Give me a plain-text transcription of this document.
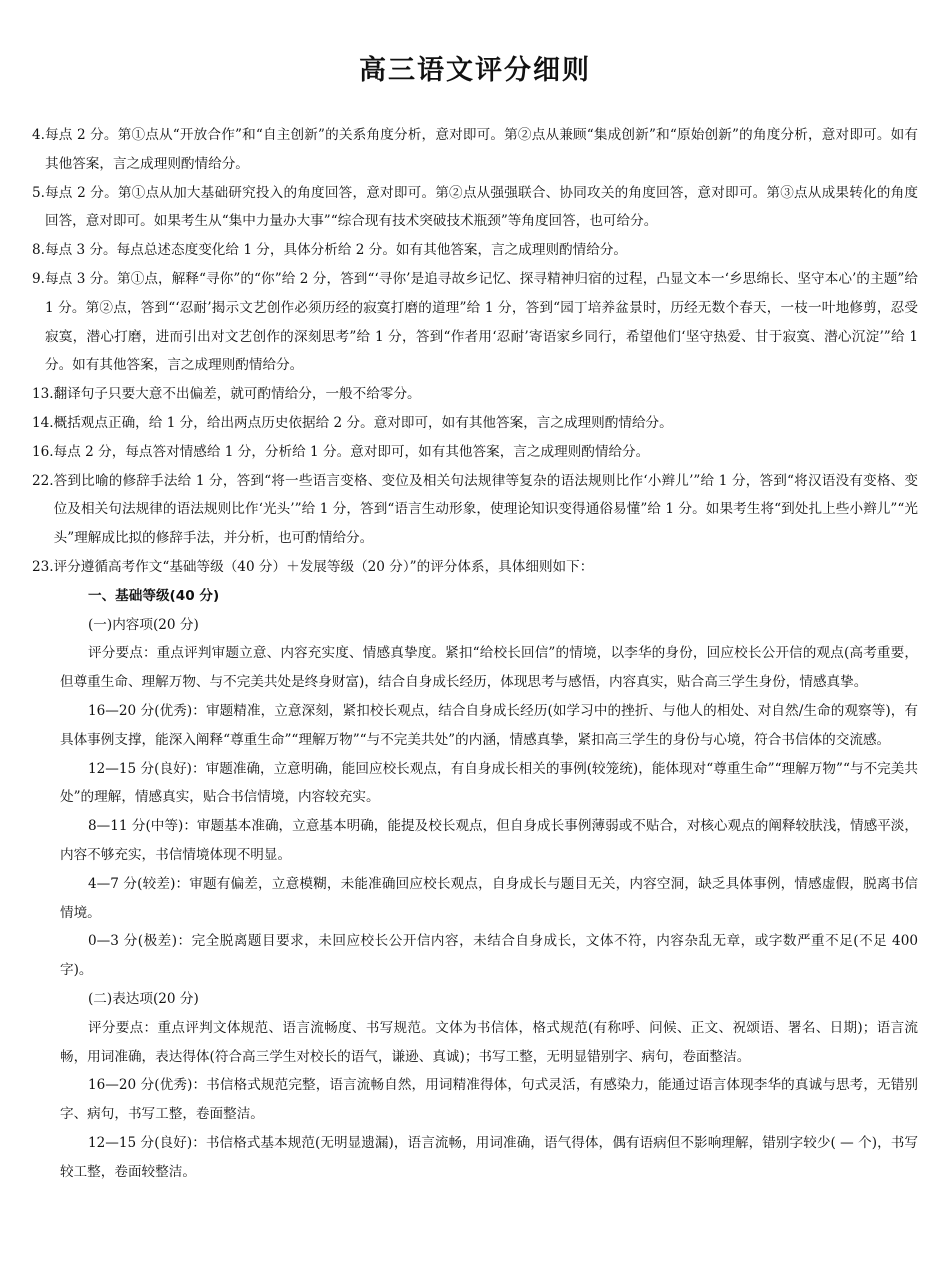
高三语文评分细则
4. 每点 2 分。第①点从“开放合作”和“自主创新”的关系角度分析，意对即可。第②点从兼顾“集成创新”和“原始创新”的角度分析，意对即可。如有其他答案，言之成理则酌情给分。
5. 每点 2 分。第①点从加大基础研究投入的角度回答，意对即可。第②点从强强联合、协同攻关的角度回答，意对即可。第③点从成果转化的角度回答，意对即可。如果考生从“集中力量办大事”“综合现有技术突破技术瓶颈”等角度回答，也可给分。
8. 每点 3 分。每点总述态度变化给 1 分，具体分析给 2 分。如有其他答案，言之成理则酌情给分。
9. 每点 3 分。第①点，解释“寻你”的“你”给 2 分，答到“‘寻你’是追寻故乡记忆、探寻精神归宿的过程，凸显文本一‘乡思绵长、坚守本心’的主题”给 1 分。第②点，答到“‘忍耐’揭示文艺创作必须历经的寂寞打磨的道理”给 1 分，答到“园丁培养盆景时，历经无数个春天，一枝一叶地修剪，忍受寂寞，潜心打磨，进而引出对文艺创作的深刻思考”给 1 分，答到“作者用‘忍耐’寄语家乡同行，希望他们‘坚守热爱、甘于寂寞、潜心沉淀’”给 1 分。如有其他答案，言之成理则酌情给分。
13. 翻译句子只要大意不出偏差，就可酌情给分，一般不给零分。
14. 概括观点正确，给 1 分，给出两点历史依据给 2 分。意对即可，如有其他答案，言之成理则酌情给分。
16. 每点 2 分，每点答对情感给 1 分，分析给 1 分。意对即可，如有其他答案，言之成理则酌情给分。
22. 答到比喻的修辞手法给 1 分，答到“将一些语言变格、变位及相关句法规律等复杂的语法规则比作‘小辫儿’”给 1 分，答到“将汉语没有变格、变位及相关句法规律的语法规则比作‘光头’”给 1 分，答到“语言生动形象，使理论知识变得通俗易懂”给 1 分。如果考生将“到处扎上些小辫儿”“光头”理解成比拟的修辞手法，并分析，也可酌情给分。
23. 评分遵循高考作文“基础等级（40 分）＋发展等级（20 分）”的评分体系，具体细则如下：
一、基础等级(40 分)
(一)内容项(20 分)
评分要点：重点评判审题立意、内容充实度、情感真挚度。紧扣“给校长回信”的情境，以李华的身份，回应校长公开信的观点(高考重要，但尊重生命、理解万物、与不完美共处是终身财富)，结合自身成长经历，体现思考与感悟，内容真实，贴合高三学生身份，情感真挚。
16—20 分(优秀)：审题精准，立意深刻，紧扣校长观点，结合自身成长经历(如学习中的挫折、与他人的相处、对自然/生命的观察等)，有具体事例支撑，能深入阐释“尊重生命”“理解万物”“与不完美共处”的内涵，情感真挚，紧扣高三学生的身份与心境，符合书信体的交流感。
12—15 分(良好)：审题准确，立意明确，能回应校长观点，有自身成长相关的事例(较笼统)，能体现对“尊重生命”“理解万物”“与不完美共处”的理解，情感真实，贴合书信情境，内容较充实。
8—11 分(中等)：审题基本准确，立意基本明确，能提及校长观点，但自身成长事例薄弱或不贴合，对核心观点的阐释较肤浅，情感平淡，内容不够充实，书信情境体现不明显。
4—7 分(较差)：审题有偏差，立意模糊，未能准确回应校长观点，自身成长与题目无关，内容空洞，缺乏具体事例，情感虚假，脱离书信情境。
0—3 分(极差)：完全脱离题目要求，未回应校长公开信内容，未结合自身成长，文体不符，内容杂乱无章，或字数严重不足(不足 400 字)。
(二)表达项(20 分)
评分要点：重点评判文体规范、语言流畅度、书写规范。文体为书信体，格式规范(有称呼、问候、正文、祝颂语、署名、日期)；语言流畅，用词准确，表达得体(符合高三学生对校长的语气，谦逊、真诚)；书写工整，无明显错别字、病句，卷面整洁。
16—20 分(优秀)：书信格式规范完整，语言流畅自然，用词精准得体，句式灵活，有感染力，能通过语言体现李华的真诚与思考，无错别字、病句，书写工整，卷面整洁。
12—15 分(良好)：书信格式基本规范(无明显遗漏)，语言流畅，用词准确，语气得体，偶有语病但不影响理解，错别字较少( — 个)，书写较工整，卷面较整洁。
